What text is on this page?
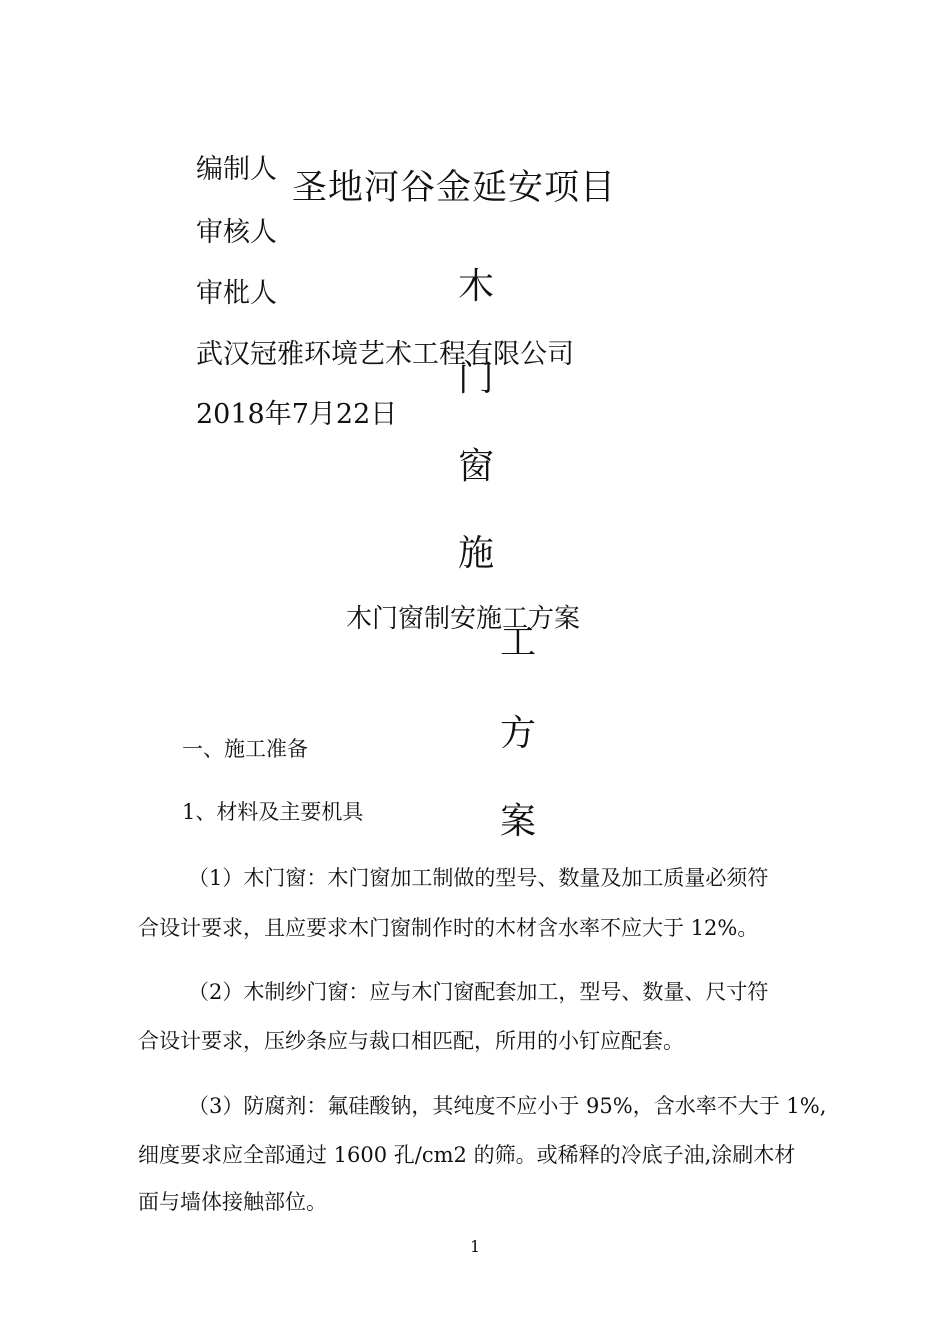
编制人
审核人
审枇人
武汉冠雅环境艺术工程有限公司
2018年7月22日
圣地河谷金延安项目
木
门
窗
施
工
方
案
木门窗制安施工方案
一、施工准备
1、材料及主要机具
（1）木门窗：木门窗加工制做的型号、数量及加工质量必须符
合设计要求，且应要求木门窗制作时的木材含水率不应大于 12%。
（2）木制纱门窗：应与木门窗配套加工，型号、数量、尺寸符
合设计要求，压纱条应与裁口相匹配，所用的小钉应配套。
（3）防腐剂：氟硅酸钠，其纯度不应小于 95%，含水率不大于 1%,
细度要求应全部通过 1600 孔/cm2 的筛。或稀释的冷底子油,涂刷木材
面与墙体接触部位。
1
